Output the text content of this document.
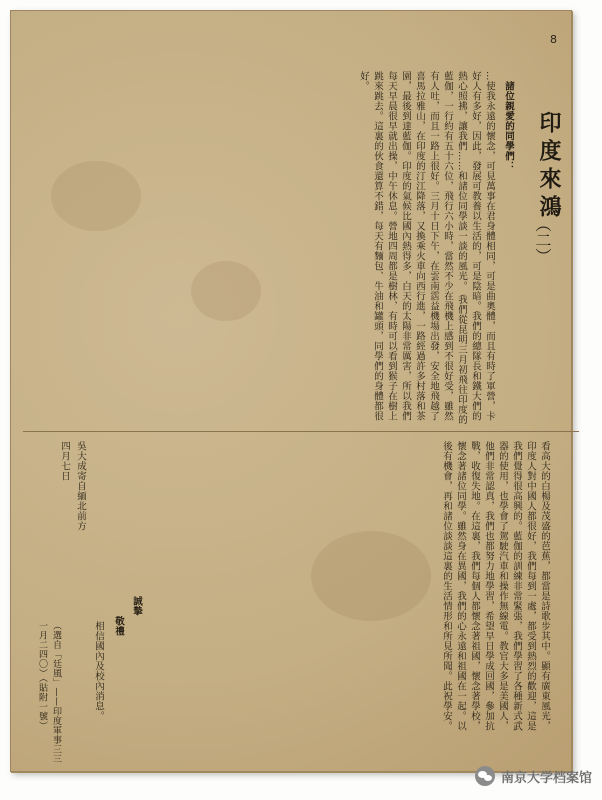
8
印度來鴻
（二）
諸位親愛的同學們：
…使我永遠的懷念，可見萬事在君身體相同，可是曲奧體，而且有時了軍營，卡好人有多好，因此，發展可教養以生活的，可是陰暗。我們的總隊長和鐵大們的熱心照拂，讓我們……和諸位同學談一談的風光。 我們從昆明三月初飛往印度的藍伽，一行約有五十六位，飛行六小時，當然不少在飛機上感到不很好受，雖然有人吐，而且一路上很好。三月十日下午，在雲南霑益機場出發，安全地飛越了喜馬拉雅山，在印度的汀江降落，又換乘火車向西行進，一路經過許多村落和茶園，最後到達藍伽。印度的氣候比國內熱得多，白天的太陽非常厲害，所以我們每天早晨很早就出操，中午休息。營地四周都是樹林，有時可以看到猴子在樹上跳來跳去。這裏的伙食還算不錯，每天有麵包、牛油和罐頭，同學們的身體都很好。
看高大的白楊及茂盛的芭蕉，都當是詩歌步其中。顯有廣東風光，印度人對中國人都很好，我們每到一處，都受到熱烈的歡迎，這是我們覺得很高興的。藍伽的訓練非常緊張，我們學習了各種新式武器的使用，也學會了駕駛汽車和操作無線電。教官大多是美國人，他們非常認真，我們也都努力地學習，希望早日學成回國，參加抗戰，收復失地。在這裏，我們每個人都懷念著祖國，懷念著學校，懷念著諸位同學。雖然身在異國，我們的心永遠和祖國在一起。以後有機會，再和諸位談談這裏的生活情形和所見所聞。此祝學安。
相信國內及校內消息。
誠摯
敬禮
吳大成寄自緬北前方
四月七日
（選自「廷風」——印度軍事三三一月二四〇）（貼附一號）
南京大学档案馆
